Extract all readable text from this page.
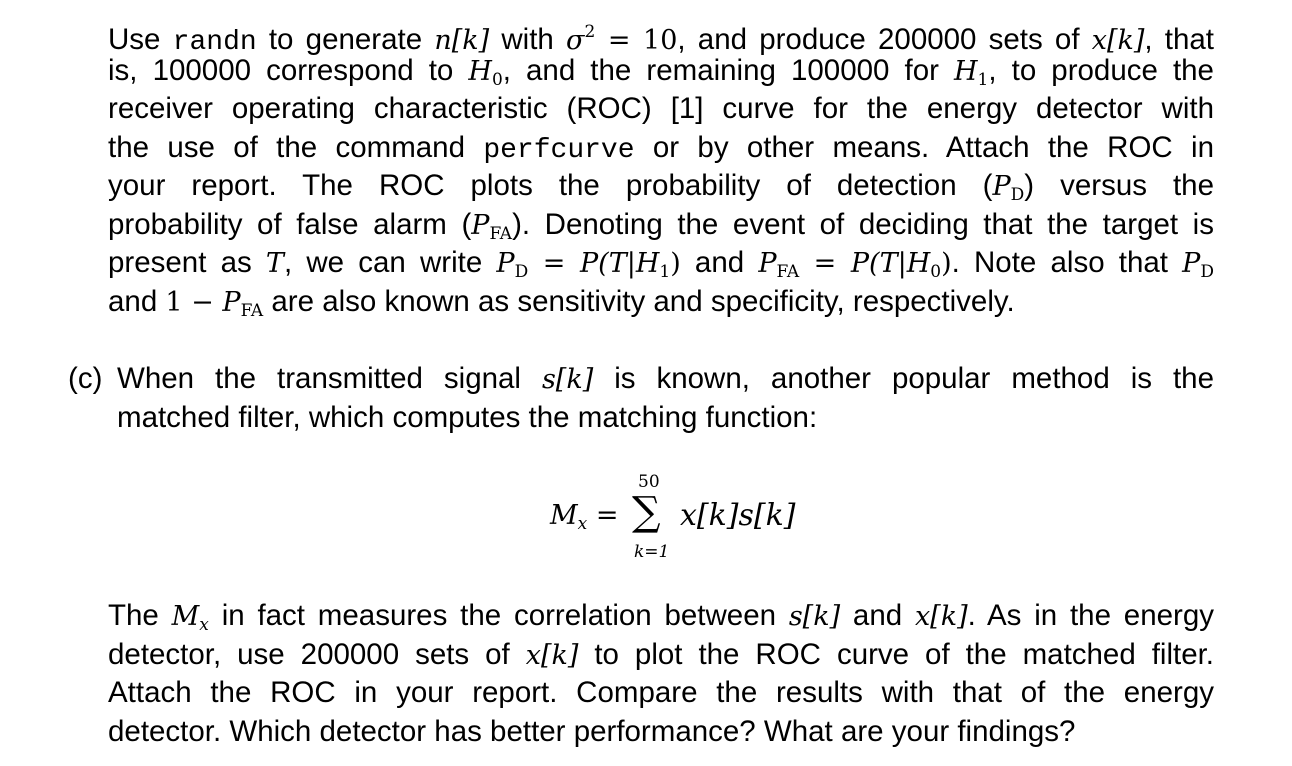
Use randn to generate n[k] with $\sigma^2 = 10$, and produce 200000 sets of x[k], that
is, 100000 correspond to $H_0$, and the remaining 100000 for $H_1$, to produce the
receiver operating characteristic (ROC) [1] curve for the energy detector with
the use of the command perfcurve or by other means. Attach the ROC in
your report. The ROC plots the probability of detection $(P_D)$ versus the
probability of false alarm $(P_{FA})$. Denoting the event of deciding that the target is
present as T, we can write $P_D = P(T|H_1)$ and $P_{FA} = P(T|H_0)$. Note also that $P_D$
and $1 - P_{FA}$ are also known as sensitivity and specificity, respectively.
(c) When the transmitted signal s[k] is known, another popular method is the
matched filter, which computes the matching function:
$M_x$ =
50
∑
k=1
x[k]s[k]
The $M_x$ in fact measures the correlation between s[k] and x[k]. As in the energy
detector, use 200000 sets of x[k] to plot the ROC curve of the matched filter.
Attach the ROC in your report. Compare the results with that of the energy
detector. Which detector has better performance? What are your findings?
